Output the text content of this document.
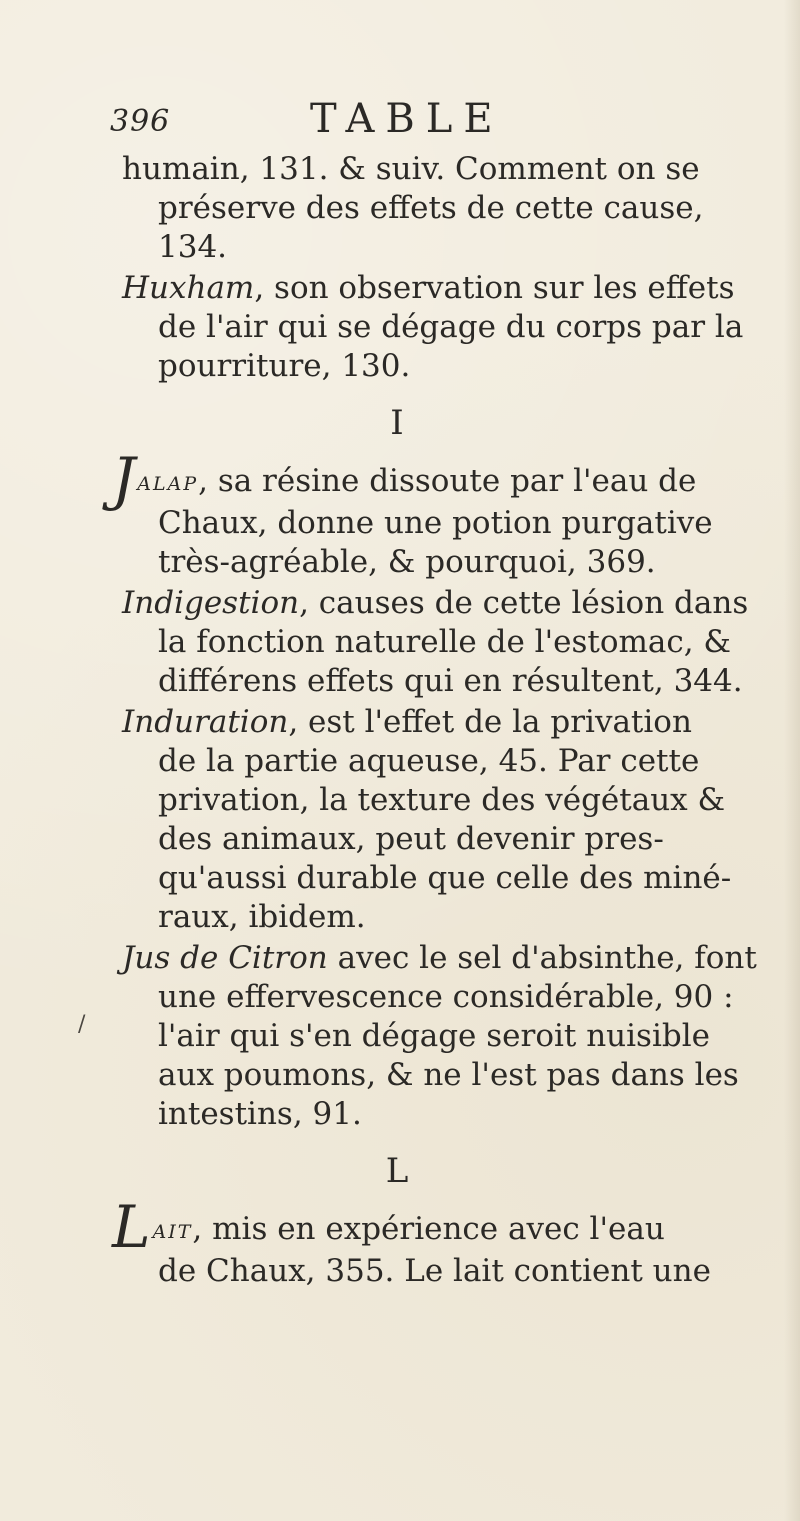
396	TABLE

humain, 131. & suiv. Comment on se
préserve des effets de cette cause, 134.

Huxham, son observation sur les effets
de l'air qui se dégage du corps par la
pourriture, 130.

I

JALAP, sa résine dissoute par l'eau de
Chaux, donne une potion purgative
très-agréable, & pourquoi, 369.

Indigestion, causes de cette lésion dans
la fonction naturelle de l'estomac, &
différens effets qui en résultent, 344.

Induration, est l'effet de la privation
de la partie aqueuse, 45. Par cette
privation, la texture des végétaux &
des animaux, peut devenir pres-
qu'aussi durable que celle des miné-
raux, ibidem.

Jus de Citron avec le sel d'absinthe, font
une effervescence considérable, 90 :
l'air qui s'en dégage seroit nuisible
aux poumons, & ne l'est pas dans les
intestins, 91.

L

LAIT, mis en expérience avec l'eau
de Chaux, 355. Le lait contient une

/
